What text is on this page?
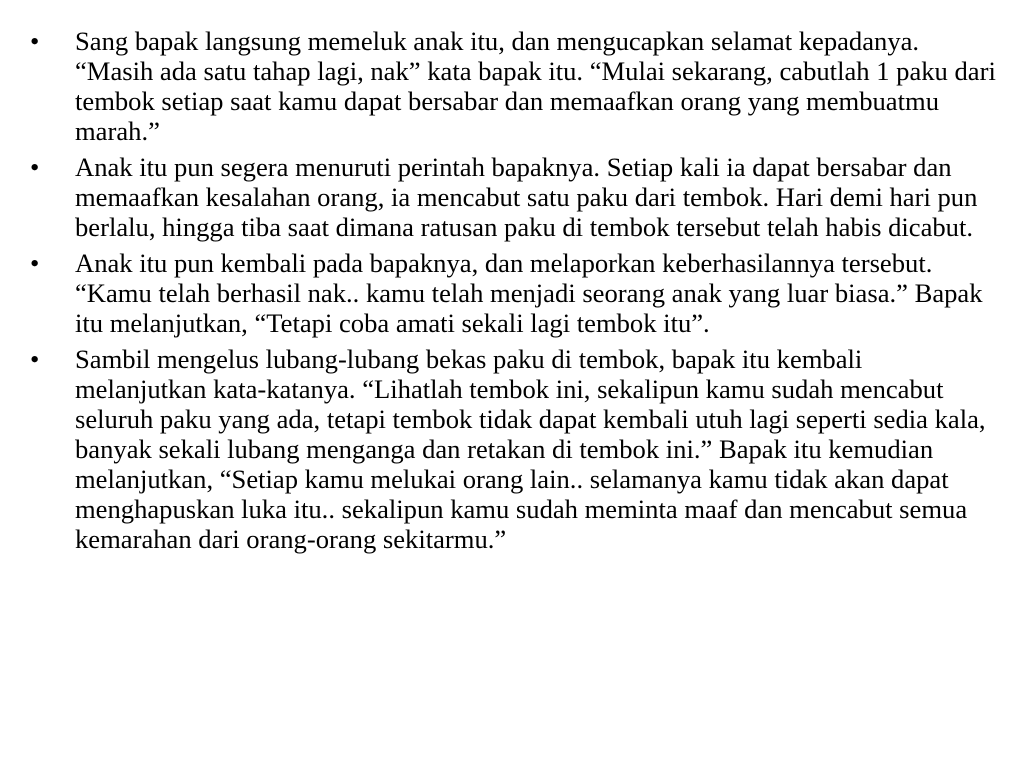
•	Sang bapak langsung memeluk anak itu, dan mengucapkan selamat kepadanya. “Masih ada satu tahap lagi, nak” kata bapak itu. “Mulai sekarang, cabutlah 1 paku dari tembok setiap saat kamu dapat bersabar dan memaafkan orang yang membuatmu marah.”
•	Anak itu pun segera menuruti perintah bapaknya. Setiap kali ia dapat bersabar dan memaafkan kesalahan orang, ia mencabut satu paku dari tembok. Hari demi hari pun berlalu, hingga tiba saat dimana ratusan paku di tembok tersebut telah habis dicabut.
•	Anak itu pun kembali pada bapaknya, dan melaporkan keberhasilannya tersebut. “Kamu telah berhasil nak.. kamu telah menjadi seorang anak yang luar biasa.” Bapak itu melanjutkan, “Tetapi coba amati sekali lagi tembok itu”.
•	Sambil mengelus lubang-lubang bekas paku di tembok, bapak itu kembali melanjutkan kata-katanya. “Lihatlah tembok ini, sekalipun kamu sudah mencabut seluruh paku yang ada, tetapi tembok tidak dapat kembali utuh lagi seperti sedia kala, banyak sekali lubang menganga dan retakan di tembok ini.” Bapak itu kemudian melanjutkan, “Setiap kamu melukai orang lain.. selamanya kamu tidak akan dapat menghapuskan luka itu.. sekalipun kamu sudah meminta maaf dan mencabut semua kemarahan dari orang-orang sekitarmu.”
